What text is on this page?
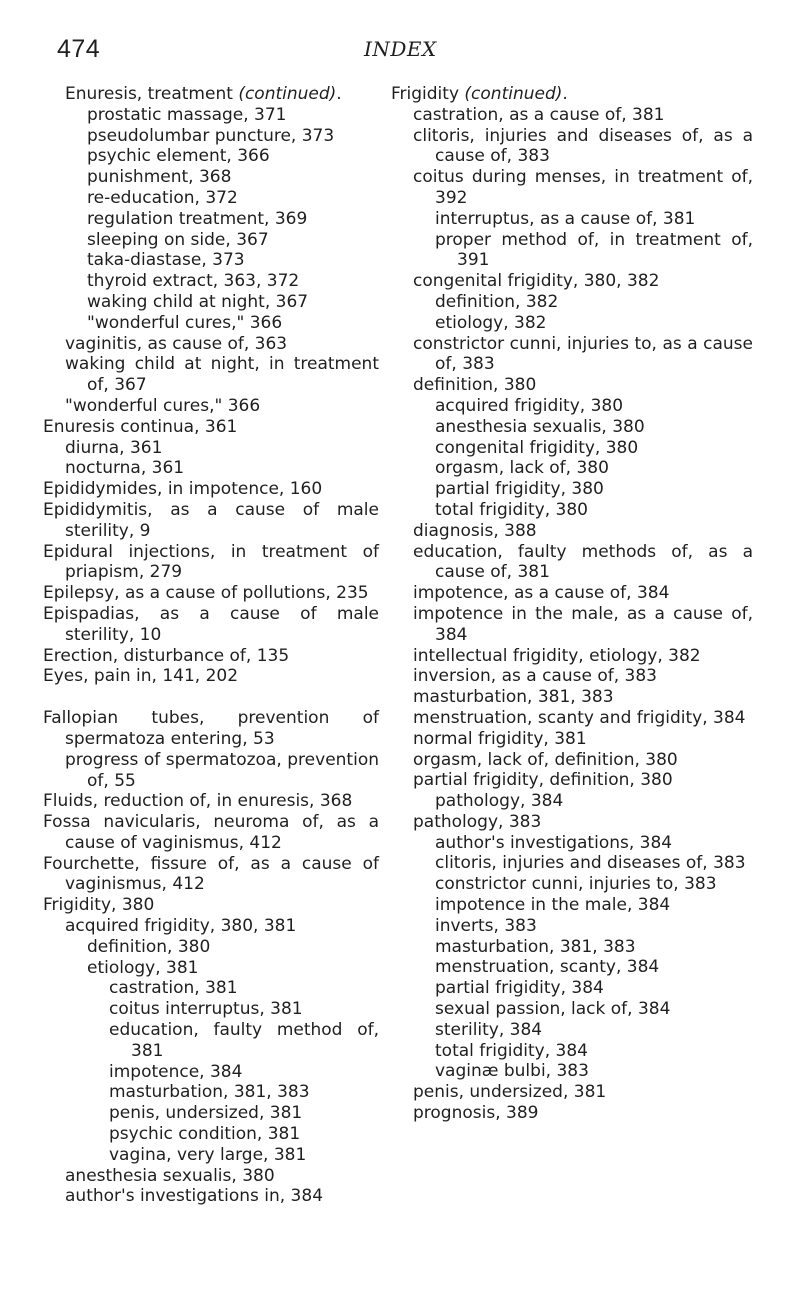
474	INDEX
Enuresis, treatment (continued).
prostatic massage, 371
pseudolumbar puncture, 373
psychic element, 366
punishment, 368
re-education, 372
regulation treatment, 369
sleeping on side, 367
taka-diastase, 373
thyroid extract, 363, 372
waking child at night, 367
"wonderful cures," 366
vaginitis, as cause of, 363
waking child at night, in treatment of, 367
"wonderful cures," 366
Enuresis continua, 361
diurna, 361
nocturna, 361
Epididymides, in impotence, 160
Epididymitis, as a cause of male sterility, 9
Epidural injections, in treatment of priapism, 279
Epilepsy, as a cause of pollutions, 235
Epispadias, as a cause of male sterility, 10
Erection, disturbance of, 135
Eyes, pain in, 141, 202
Fallopian tubes, prevention of spermatoza entering, 53
progress of spermatozoa, prevention of, 55
Fluids, reduction of, in enuresis, 368
Fossa navicularis, neuroma of, as a cause of vaginismus, 412
Fourchette, fissure of, as a cause of vaginismus, 412
Frigidity, 380
acquired frigidity, 380, 381
definition, 380
etiology, 381
castration, 381
coitus interruptus, 381
education, faulty method of, 381
impotence, 384
masturbation, 381, 383
penis, undersized, 381
psychic condition, 381
vagina, very large, 381
anesthesia sexualis, 380
author's investigations in, 384
Frigidity (continued).
castration, as a cause of, 381
clitoris, injuries and diseases of, as a cause of, 383
coitus during menses, in treatment of, 392
interruptus, as a cause of, 381
proper method of, in treatment of, 391
congenital frigidity, 380, 382
definition, 382
etiology, 382
constrictor cunni, injuries to, as a cause of, 383
definition, 380
acquired frigidity, 380
anesthesia sexualis, 380
congenital frigidity, 380
orgasm, lack of, 380
partial frigidity, 380
total frigidity, 380
diagnosis, 388
education, faulty methods of, as a cause of, 381
impotence, as a cause of, 384
impotence in the male, as a cause of, 384
intellectual frigidity, etiology, 382
inversion, as a cause of, 383
masturbation, 381, 383
menstruation, scanty and frigidity, 384
normal frigidity, 381
orgasm, lack of, definition, 380
partial frigidity, definition, 380
pathology, 384
pathology, 383
author's investigations, 384
clitoris, injuries and diseases of, 383
constrictor cunni, injuries to, 383
impotence in the male, 384
inverts, 383
masturbation, 381, 383
menstruation, scanty, 384
partial frigidity, 384
sexual passion, lack of, 384
sterility, 384
total frigidity, 384
vaginæ bulbi, 383
penis, undersized, 381
prognosis, 389
